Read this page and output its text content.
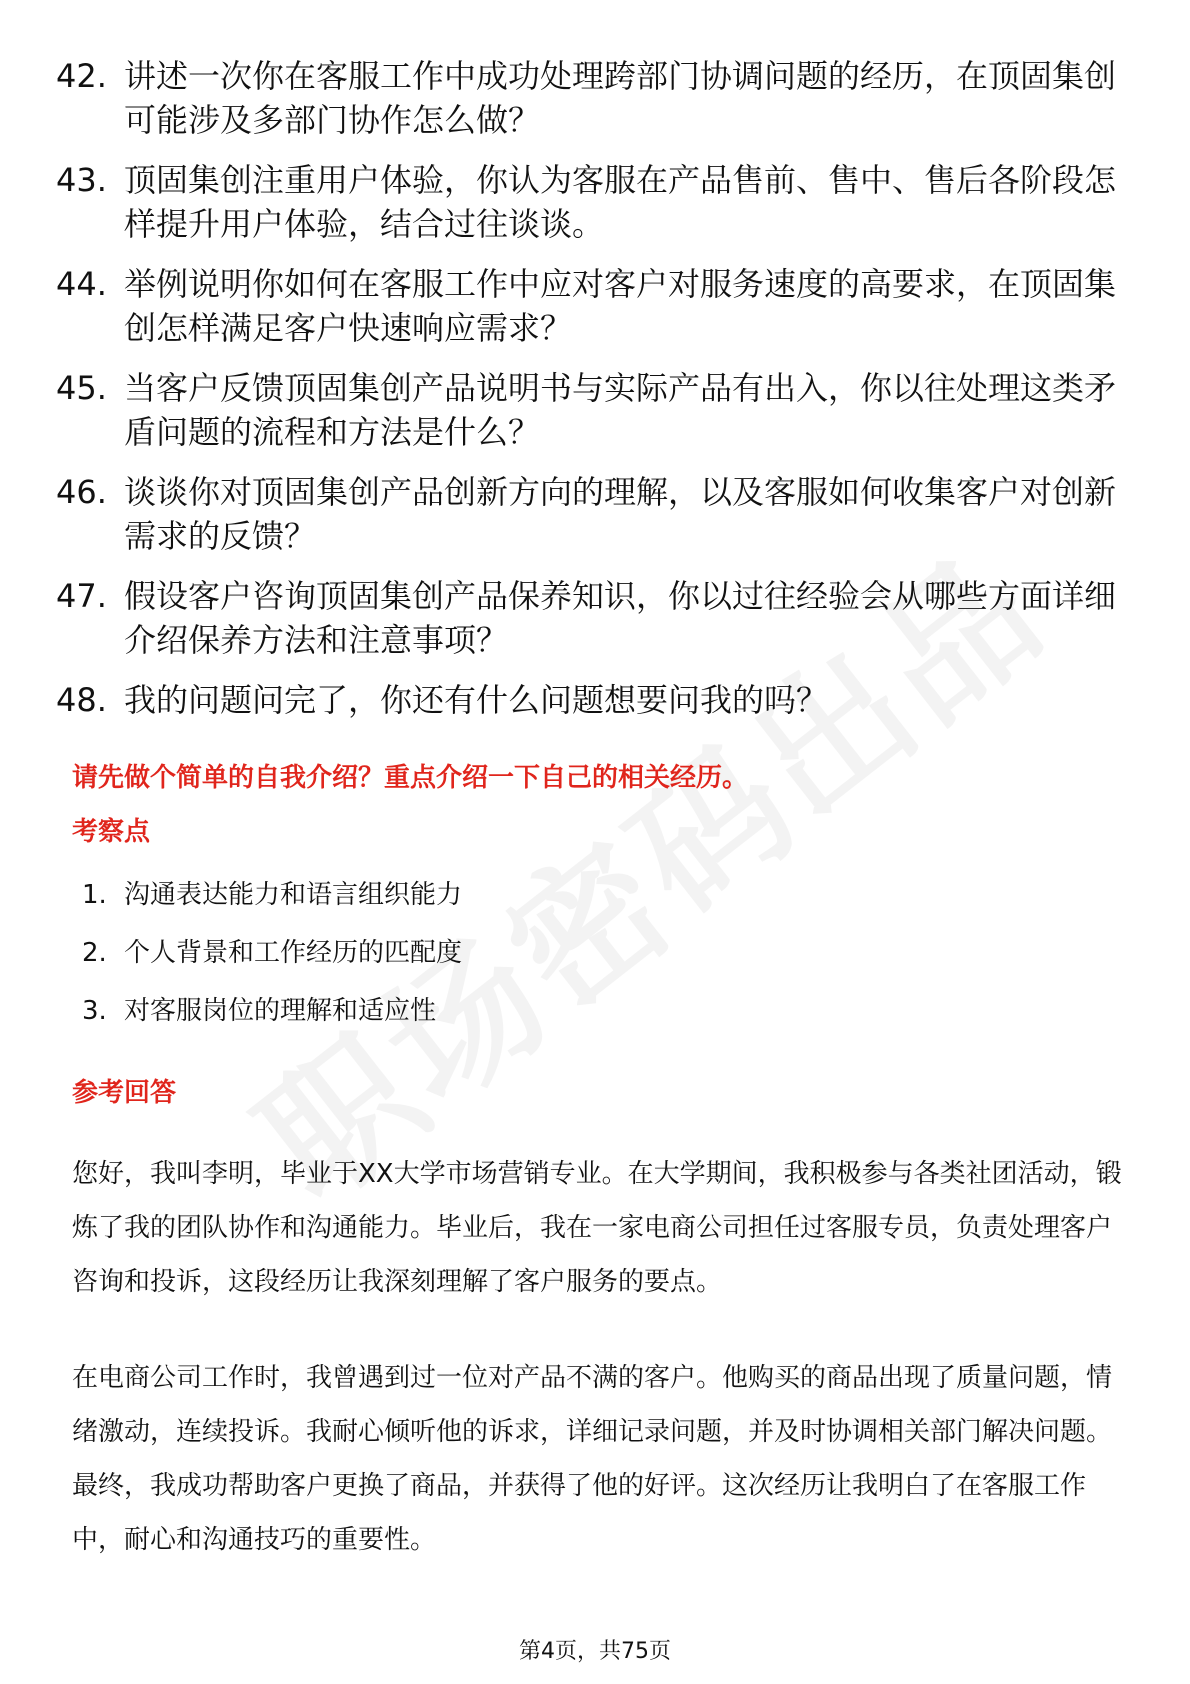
42. 讲述一次你在客服工作中成功处理跨部门协调问题的经历，在顶固集创可能涉及多部门协作怎么做？
43. 顶固集创注重用户体验，你认为客服在产品售前、售中、售后各阶段怎样提升用户体验，结合过往谈谈。
44. 举例说明你如何在客服工作中应对客户对服务速度的高要求，在顶固集创怎样满足客户快速响应需求？
45. 当客户反馈顶固集创产品说明书与实际产品有出入，你以往处理这类矛盾问题的流程和方法是什么？
46. 谈谈你对顶固集创产品创新方向的理解，以及客服如何收集客户对创新需求的反馈？
47. 假设客户咨询顶固集创产品保养知识，你以过往经验会从哪些方面详细介绍保养方法和注意事项？
48. 我的问题问完了，你还有什么问题想要问我的吗？
请先做个简单的自我介绍？重点介绍一下自己的相关经历。
考察点
1. 沟通表达能力和语言组织能力
2. 个人背景和工作经历的匹配度
3. 对客服岗位的理解和适应性
参考回答
您好，我叫李明，毕业于XX大学市场营销专业。在大学期间，我积极参与各类社团活动，锻炼了我的团队协作和沟通能力。毕业后，我在一家电商公司担任过客服专员，负责处理客户咨询和投诉，这段经历让我深刻理解了客户服务的要点。
在电商公司工作时，我曾遇到过一位对产品不满的客户。他购买的商品出现了质量问题，情绪激动，连续投诉。我耐心倾听他的诉求，详细记录问题，并及时协调相关部门解决问题。最终，我成功帮助客户更换了商品，并获得了他的好评。这次经历让我明白了在客服工作中，耐心和沟通技巧的重要性。
第4页，共75页
